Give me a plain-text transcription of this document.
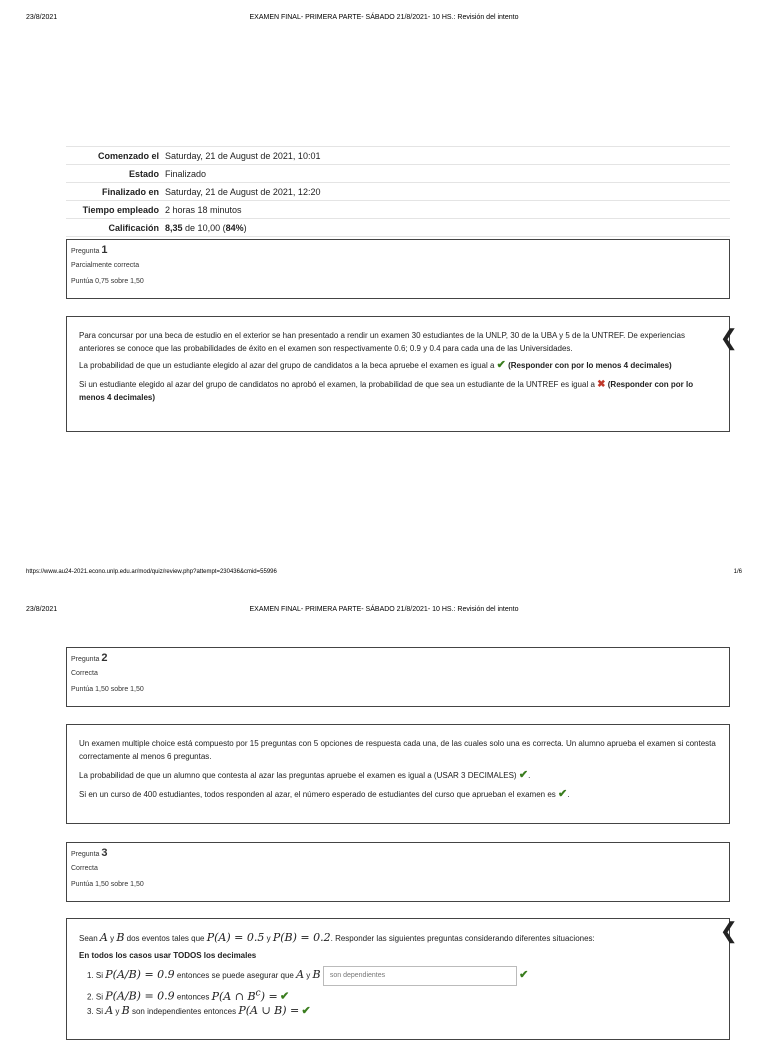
23/8/2021	EXAMEN FINAL- PRIMERA PARTE- SÁBADO 21/8/2021- 10 HS.: Revisión del intento
Comenzado el	Saturday, 21 de August de 2021, 10:01
Estado	Finalizado
Finalizado en	Saturday, 21 de August de 2021, 12:20
Tiempo empleado	2 horas 18 minutos
Calificación	8,35 de 10,00 (84%)
Pregunta 1
Parcialmente correcta
Puntúa 0,75 sobre 1,50

Para concursar por una beca de estudio en el exterior se han presentado a rendir un examen 30 estudiantes de la UNLP, 30 de la UBA y 5 de la UNTREF. De experiencias anteriores se conoce que las probabilidades de éxito en el examen son respectivamente 0.6; 0.9 y 0.4 para cada una de las Universidades.

La probabilidad de que un estudiante elegido al azar del grupo de candidatos a la beca apruebe el examen es igual a ✔ (Responder con por lo menos 4 decimales)

Si un estudiante elegido al azar del grupo de candidatos no aprobó el examen, la probabilidad de que sea un estudiante de la UNTREF es igual a ✖ (Responder con por lo menos 4 decimales)

❮
https://www.au24-2021.econo.unlp.edu.ar/mod/quiz/review.php?attempt=230436&cmid=55996	1/6
23/8/2021	EXAMEN FINAL- PRIMERA PARTE- SÁBADO 21/8/2021- 10 HS.: Revisión del intento
Pregunta 2
Correcta
Puntúa 1,50 sobre 1,50

Un examen multiple choice está compuesto por 15 preguntas con 5 opciones de respuesta cada una, de las cuales solo una es correcta. Un alumno aprueba el examen si contesta correctamente al menos 6 preguntas.

La probabilidad de que un alumno que contesta al azar las preguntas apruebe el examen es igual a (USAR 3 DECIMALES) ✔.

Si en un curso de 400 estudiantes, todos responden al azar, el número esperado de estudiantes del curso que aprueban el examen es ✔.

Pregunta 3
Correcta
Puntúa 1,50 sobre 1,50

Sean A y B dos eventos tales que P(A) = 0.5 y P(B) = 0.2. Responder las siguientes preguntas considerando diferentes situaciones:

En todos los casos usar TODOS los decimales

1. Si P(A/B) = 0.9 entonces se puede asegurar que A y B son dependientes	✔

2. Si P(A/B) = 0.9 entonces P(A ∩ $B^c$) = ✔

3. Si A y B son independientes entonces P(A ∪ B) = ✔

❮
